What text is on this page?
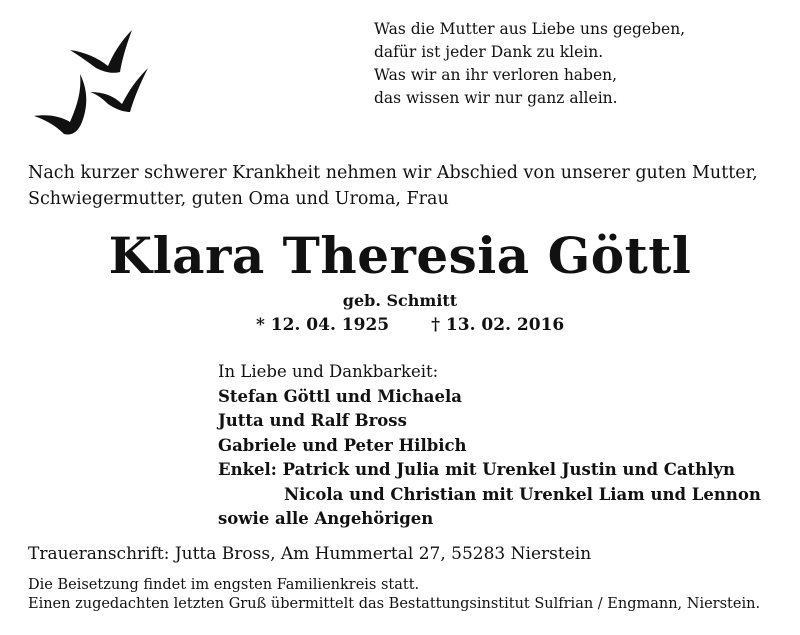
Was die Mutter aus Liebe uns gegeben,
dafür ist jeder Dank zu klein.
Was wir an ihr verloren haben,
das wissen wir nur ganz allein.
Nach kurzer schwerer Krankheit nehmen wir Abschied von unserer guten Mutter,
Schwiegermutter, guten Oma und Uroma, Frau
Klara Theresia Göttl
geb. Schmitt
* 12. 04. 1925 † 13. 02. 2016
In Liebe und Dankbarkeit:
Stefan Göttl und Michaela
Jutta und Ralf Bross
Gabriele und Peter Hilbich
Enkel: Patrick und Julia mit Urenkel Justin und Cathlyn
Nicola und Christian mit Urenkel Liam und Lennon
sowie alle Angehörigen
Traueranschrift: Jutta Bross, Am Hummertal 27, 55283 Nierstein
Die Beisetzung findet im engsten Familienkreis statt.
Einen zugedachten letzten Gruß übermittelt das Bestattungsinstitut Sulfrian / Engmann, Nierstein.
